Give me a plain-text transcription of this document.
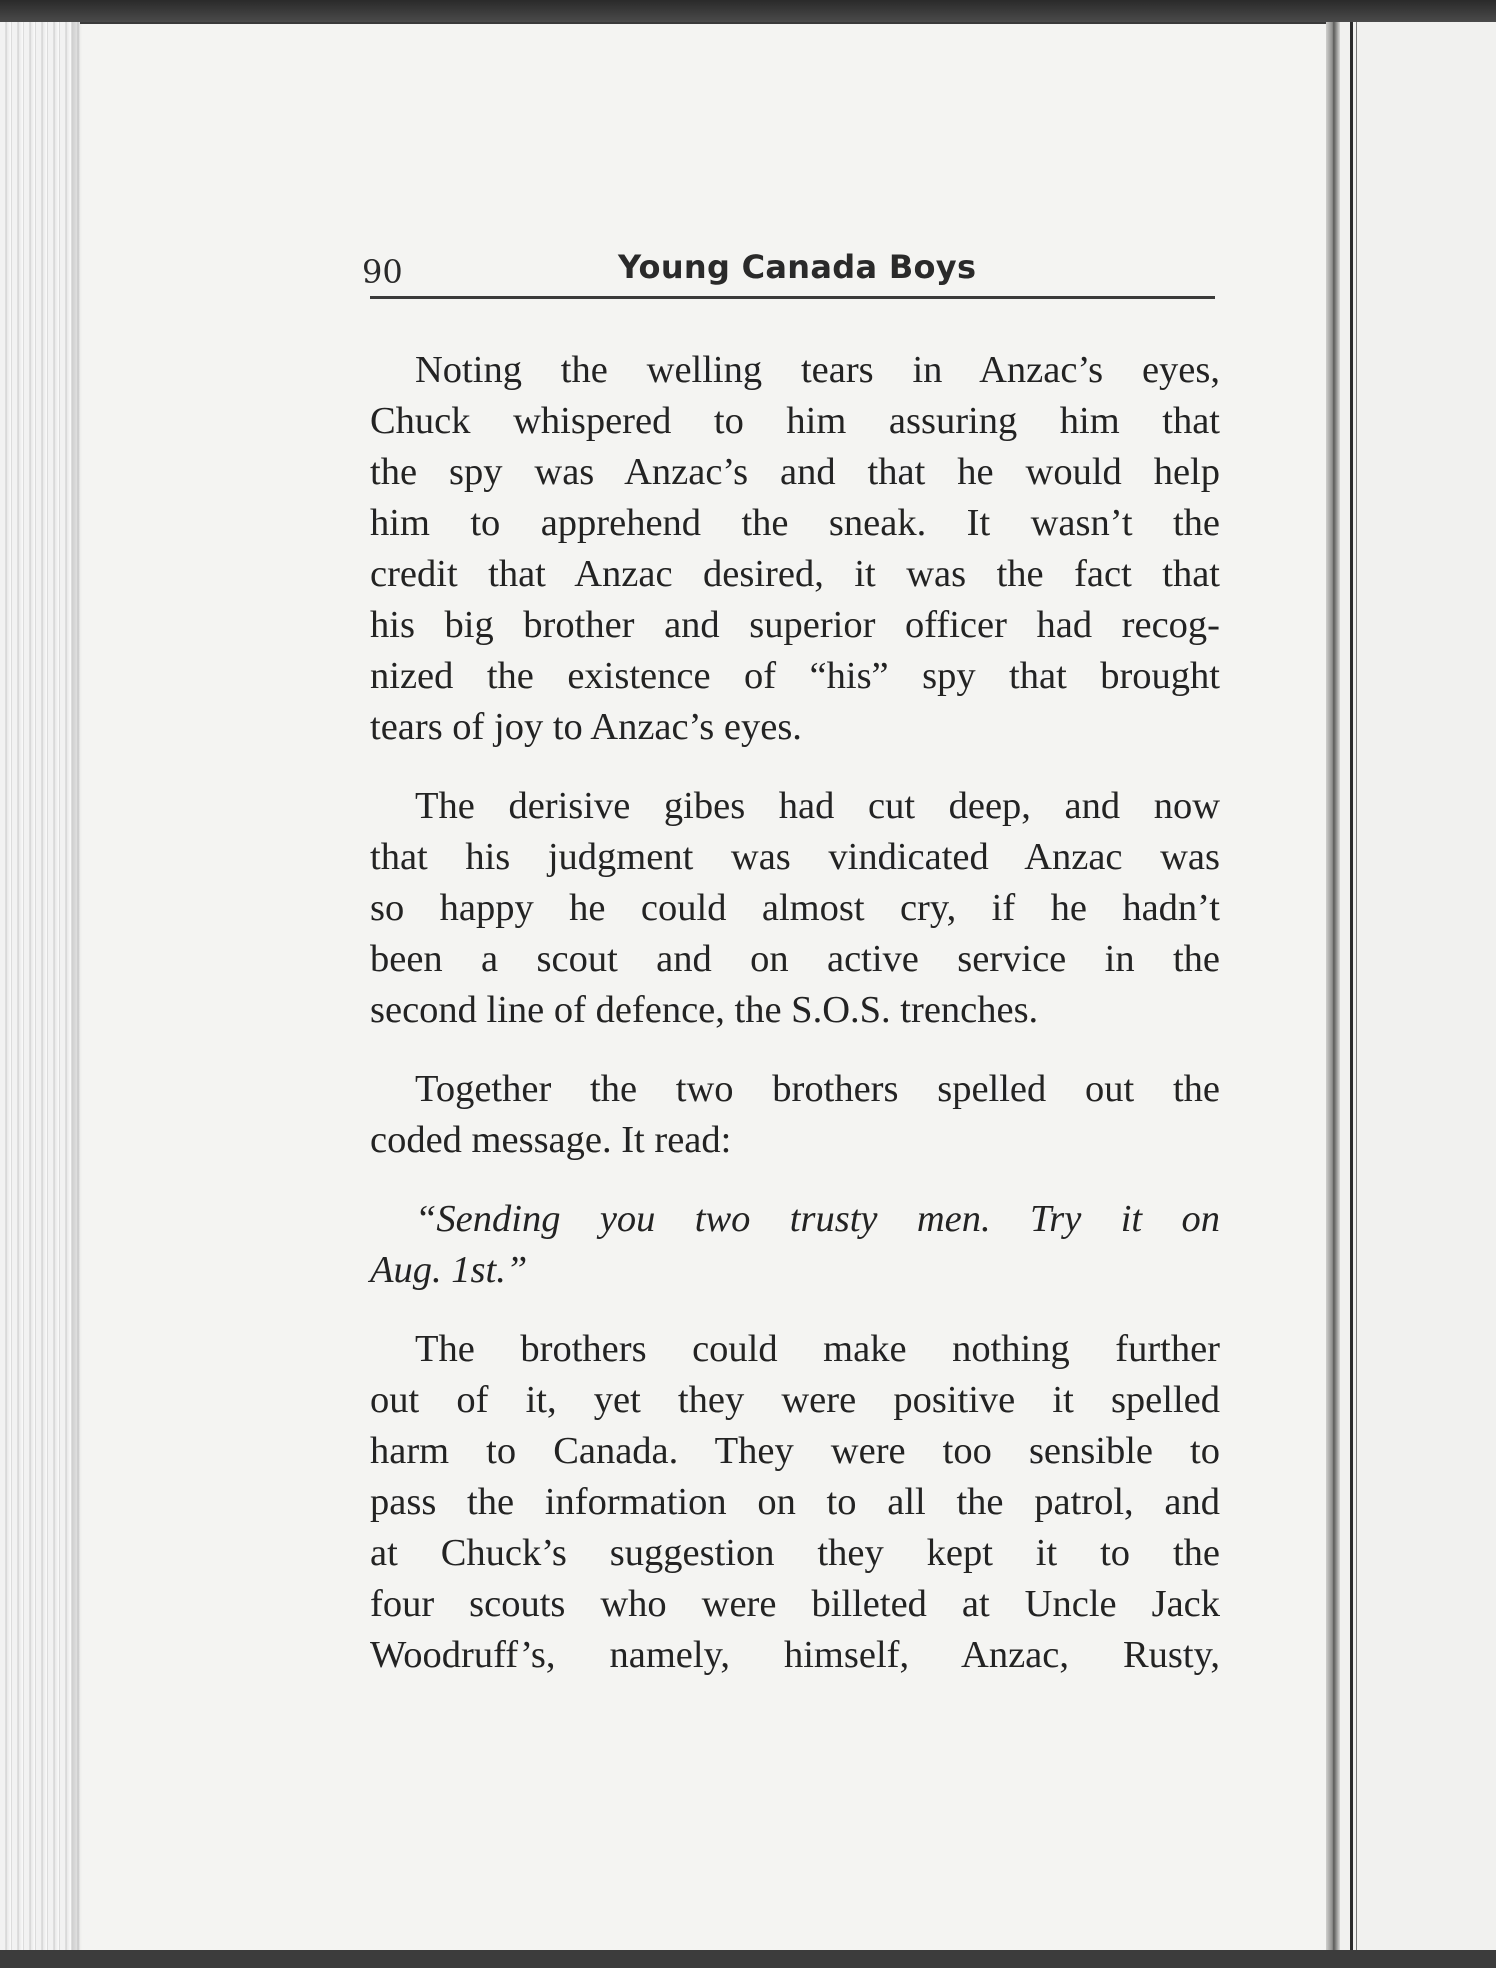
90	Young Canada Boys
Noting the welling tears in Anzac’s eyes,
Chuck whispered to him assuring him that
the spy was Anzac’s and that he would help
him to apprehend the sneak. It wasn’t the
credit that Anzac desired, it was the fact that
his big brother and superior officer had recog-
nized the existence of “his” spy that brought
tears of joy to Anzac’s eyes.
The derisive gibes had cut deep, and now
that his judgment was vindicated Anzac was
so happy he could almost cry, if he hadn’t
been a scout and on active service in the
second line of defence, the S.O.S. trenches.
Together the two brothers spelled out the
coded message. It read:
“Sending you two trusty men. Try it on
Aug. 1st.”
The brothers could make nothing further
out of it, yet they were positive it spelled
harm to Canada. They were too sensible to
pass the information on to all the patrol, and
at Chuck’s suggestion they kept it to the
four scouts who were billeted at Uncle Jack
Woodruff’s, namely, himself, Anzac, Rusty,
